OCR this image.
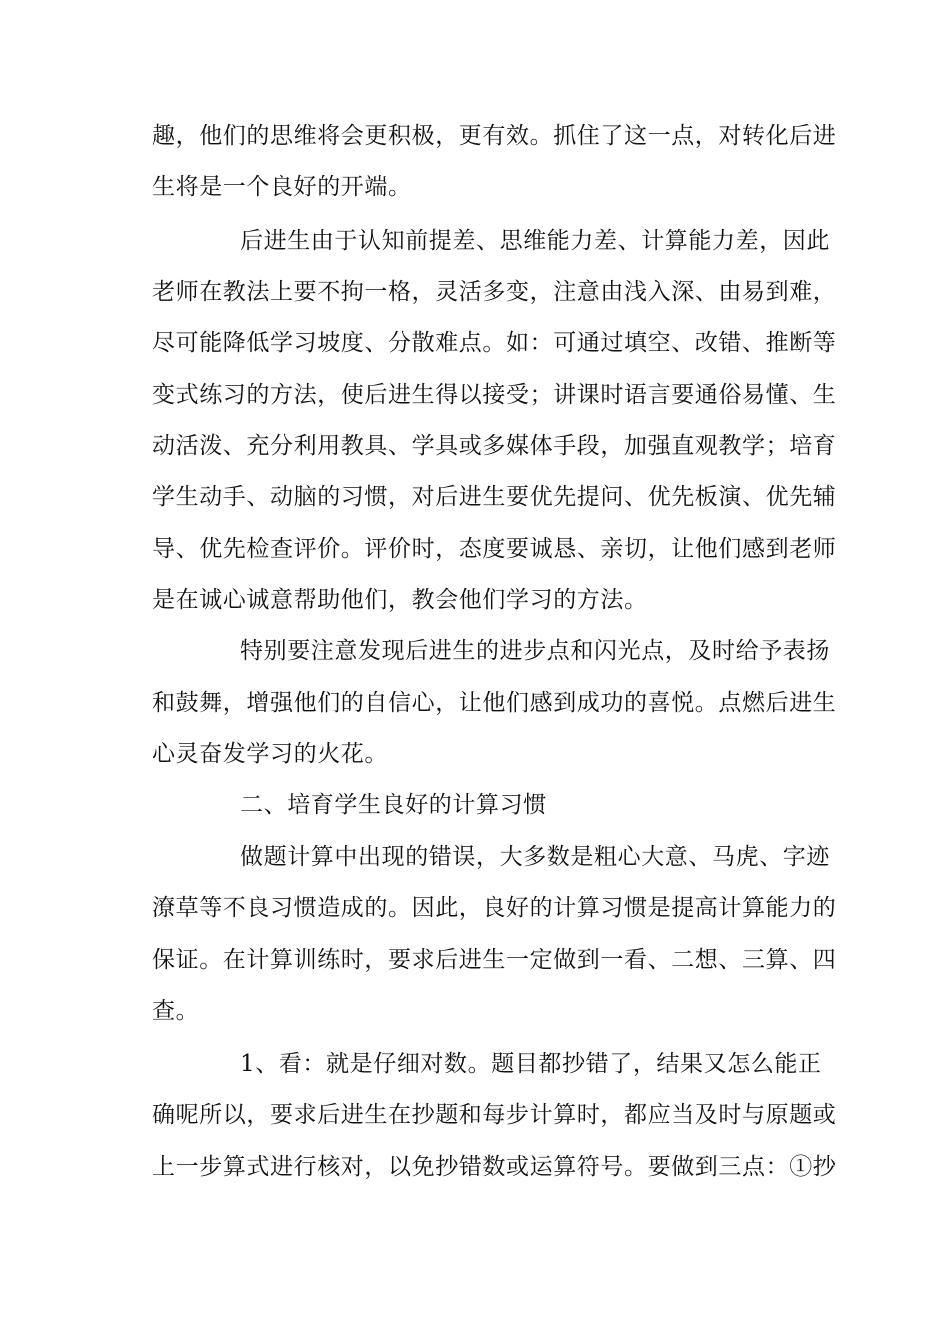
趣，他们的思维将会更积极，更有效。抓住了这一点，对转化后进
生将是一个良好的开端。
后进生由于认知前提差、思维能力差、计算能力差，因此
老师在教法上要不拘一格，灵活多变，注意由浅入深、由易到难，
尽可能降低学习坡度、分散难点。如：可通过填空、改错、推断等
变式练习的方法，使后进生得以接受；讲课时语言要通俗易懂、生
动活泼、充分利用教具、学具或多媒体手段，加强直观教学；培育
学生动手、动脑的习惯，对后进生要优先提问、优先板演、优先辅
导、优先检查评价。评价时，态度要诚恳、亲切，让他们感到老师
是在诚心诚意帮助他们，教会他们学习的方法。
特别要注意发现后进生的进步点和闪光点，及时给予表扬
和鼓舞，增强他们的自信心，让他们感到成功的喜悦。点燃后进生
心灵奋发学习的火花。
二、培育学生良好的计算习惯
做题计算中出现的错误，大多数是粗心大意、马虎、字迹
潦草等不良习惯造成的。因此，良好的计算习惯是提高计算能力的
保证。在计算训练时，要求后进生一定做到一看、二想、三算、四
查。
1、看：就是仔细对数。题目都抄错了，结果又怎么能正
确呢所以，要求后进生在抄题和每步计算时，都应当及时与原题或
上一步算式进行核对，以免抄错数或运算符号。要做到三点：①抄
